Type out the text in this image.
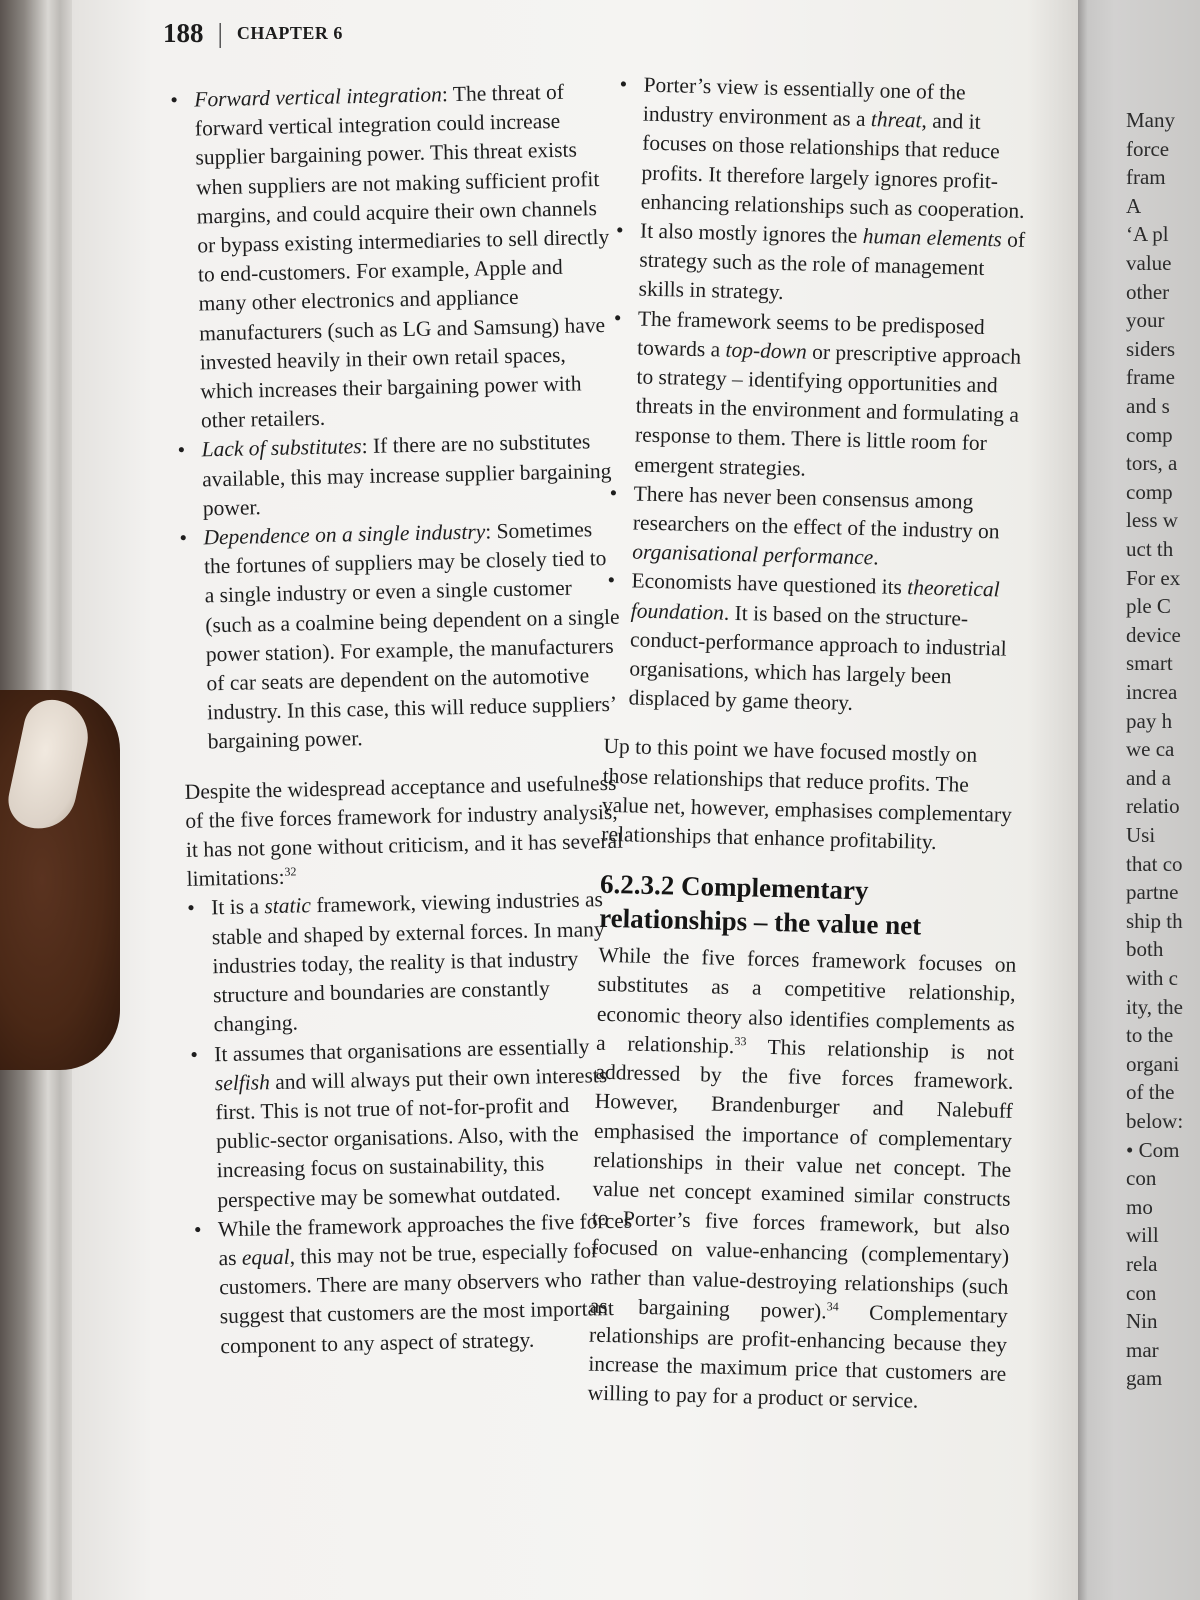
Many
force
fram
A
‘A pl
value
other
your
siders
frame
and s
comp
tors, a
comp
less w
uct th
For ex
ple C
device
smart
increa
pay h
we ca
and a
relatio
Usi
that co
partne
ship th
both
with c
ity, the
to the
organi
of the
below:
• Com
con
mo
will
rela
con
Nin
mar
gam
188 | CHAPTER 6
• Forward vertical integration: The threat of forward vertical integration could increase supplier bargaining power. This threat exists when suppliers are not making sufficient profit margins, and could acquire their own channels or bypass existing intermediaries to sell directly to end-customers. For example, Apple and many other electronics and appliance manufacturers (such as LG and Samsung) have invested heavily in their own retail spaces, which increases their bargaining power with other retailers.
• Lack of substitutes: If there are no substitutes available, this may increase supplier bargaining power.
• Dependence on a single industry: Sometimes the fortunes of suppliers may be closely tied to a single industry or even a single customer (such as a coalmine being dependent on a single power station). For example, the manufacturers of car seats are dependent on the automotive industry. In this case, this will reduce suppliers’ bargaining power.

Despite the widespread acceptance and usefulness of the five forces framework for industry analysis, it has not gone without criticism, and it has several limitations:$^{32}$

• It is a static framework, viewing industries as stable and shaped by external forces. In many industries today, the reality is that industry structure and boundaries are constantly changing.
• It assumes that organisations are essentially selfish and will always put their own interests first. This is not true of not-for-profit and public-sector organisations. Also, with the increasing focus on sustainability, this perspective may be somewhat outdated.
• While the framework approaches the five forces as equal, this may not be true, especially for customers. There are many observers who suggest that customers are the most important component to any aspect of strategy.
• Porter’s view is essentially one of the industry environment as a threat, and it focuses on those relationships that reduce profits. It therefore largely ignores profit-enhancing relationships such as cooperation.
• It also mostly ignores the human elements of strategy such as the role of management skills in strategy.
• The framework seems to be predisposed towards a top-down or prescriptive approach to strategy – identifying opportunities and threats in the environment and formulating a response to them. There is little room for emergent strategies.
• There has never been consensus among researchers on the effect of the industry on organisational performance.
• Economists have questioned its theoretical foundation. It is based on the structure-conduct-performance approach to industrial organisations, which has largely been displaced by game theory.

Up to this point we have focused mostly on those relationships that reduce profits. The value net, however, emphasises complementary relationships that enhance profitability.

6.2.3.2 Complementary relationships – the value net

While the five forces framework focuses on substitutes as a competitive relationship, economic theory also identifies complements as a relationship.$^{33}$ This relationship is not addressed by the five forces framework. However, Brandenburger and Nalebuff emphasised the importance of complementary relationships in their value net concept. The value net concept examined similar constructs to Porter’s five forces framework, but also focused on value-enhancing (complementary) rather than value-destroying relationships (such as bargaining power).$^{34}$ Complementary relationships are profit-enhancing because they increase the maximum price that customers are willing to pay for a product or service.
